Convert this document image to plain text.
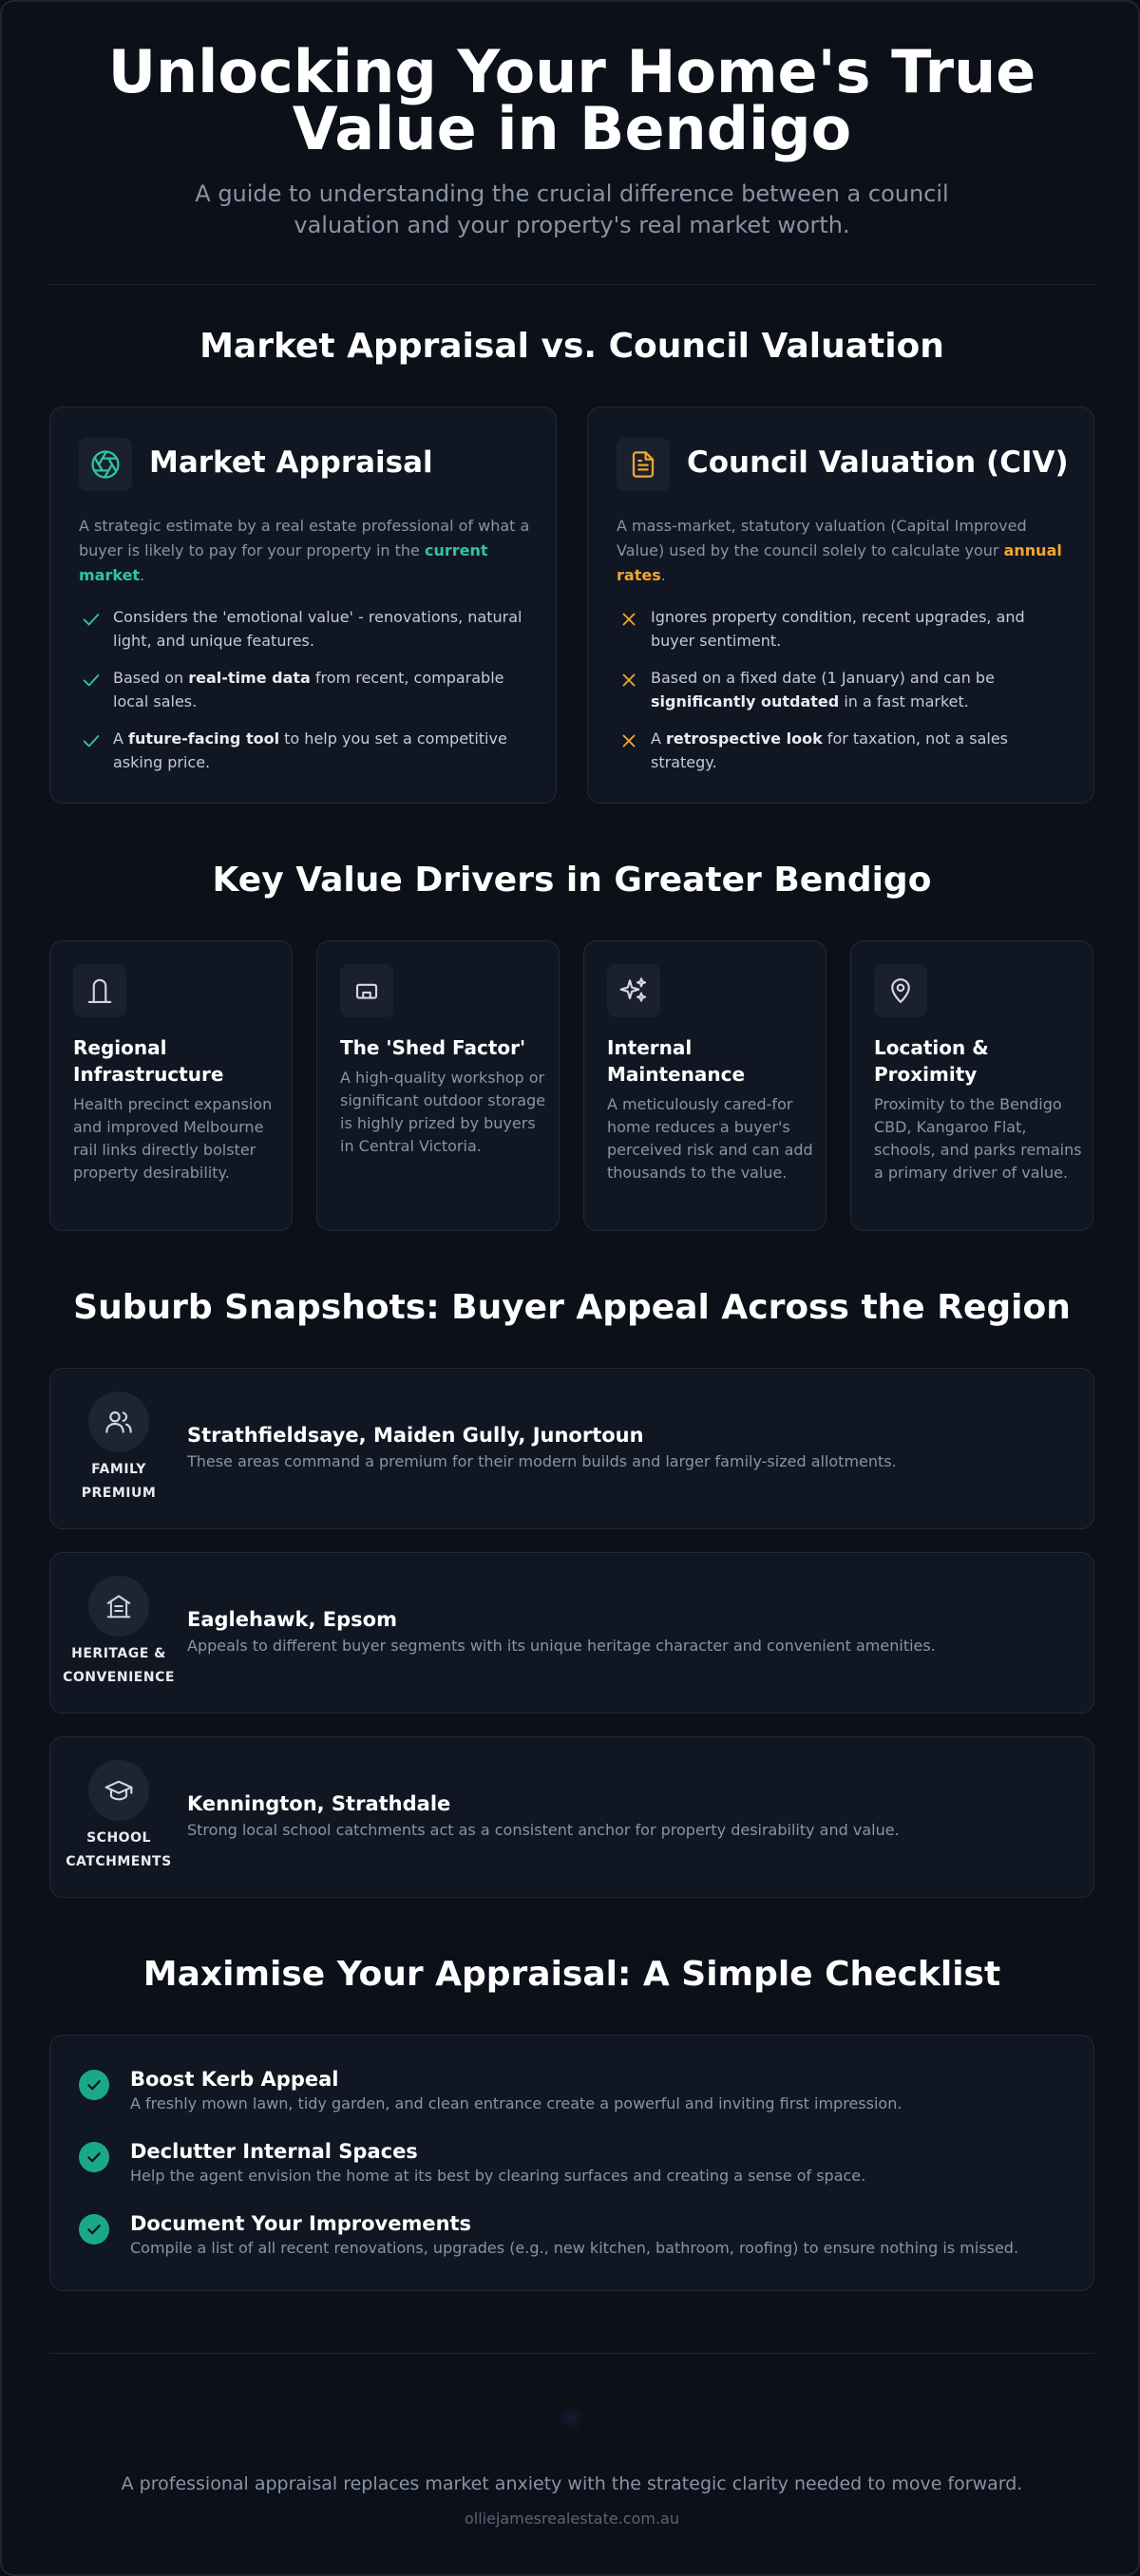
Unlocking Your Home's True Value in Bendigo

A guide to understanding the crucial difference between a council valuation and your property's real market worth.

Market Appraisal vs. Council Valuation
Market Appraisal

A strategic estimate by a real estate professional of what a buyer is likely to pay for your property in the current market.

Considers the 'emotional value' - renovations, natural light, and unique features.

Based on real-time data from recent, comparable local sales.

A future-facing tool to help you set a competitive asking price.

Council Valuation (CIV)

A mass-market, statutory valuation (Capital Improved Value) used by the council solely to calculate your annual rates.

Ignores property condition, recent upgrades, and buyer sentiment.

Based on a fixed date (1 January) and can be significantly outdated in a fast market.

A retrospective look for taxation, not a sales strategy.

Key Value Drivers in Greater Bendigo
Regional Infrastructure

Health precinct expansion and improved Melbourne rail links directly bolster property desirability.

The 'Shed Factor'

A high-quality workshop or significant outdoor storage is highly prized by buyers in Central Victoria.

Internal Maintenance

A meticulously cared-for home reduces a buyer's perceived risk and can add thousands to the value.

Location & Proximity

Proximity to the Bendigo CBD, Kangaroo Flat, schools, and parks remains a primary driver of value.

Suburb Snapshots: Buyer Appeal Across the Region
FAMILY
PREMIUM
Strathfieldsaye, Maiden Gully, Junortoun
These areas command a premium for their modern builds and larger family-sized allotments.
HERITAGE &
CONVENIENCE
Eaglehawk, Epsom
Appeals to different buyer segments with its unique heritage character and convenient amenities.
SCHOOL
CATCHMENTS
Kennington, Strathdale
Strong local school catchments act as a consistent anchor for property desirability and value.
Maximise Your Appraisal: A Simple Checklist
Boost Kerb Appeal
A freshly mown lawn, tidy garden, and clean entrance create a powerful and inviting first impression.
Declutter Internal Spaces
Help the agent envision the home at its best by clearing surfaces and creating a sense of space.
Document Your Improvements
Compile a list of all recent renovations, upgrades (e.g., new kitchen, bathroom, roofing) to ensure nothing is missed.

A professional appraisal replaces market anxiety with the strategic clarity needed to move forward.

olliejamesrealestate.com.au
